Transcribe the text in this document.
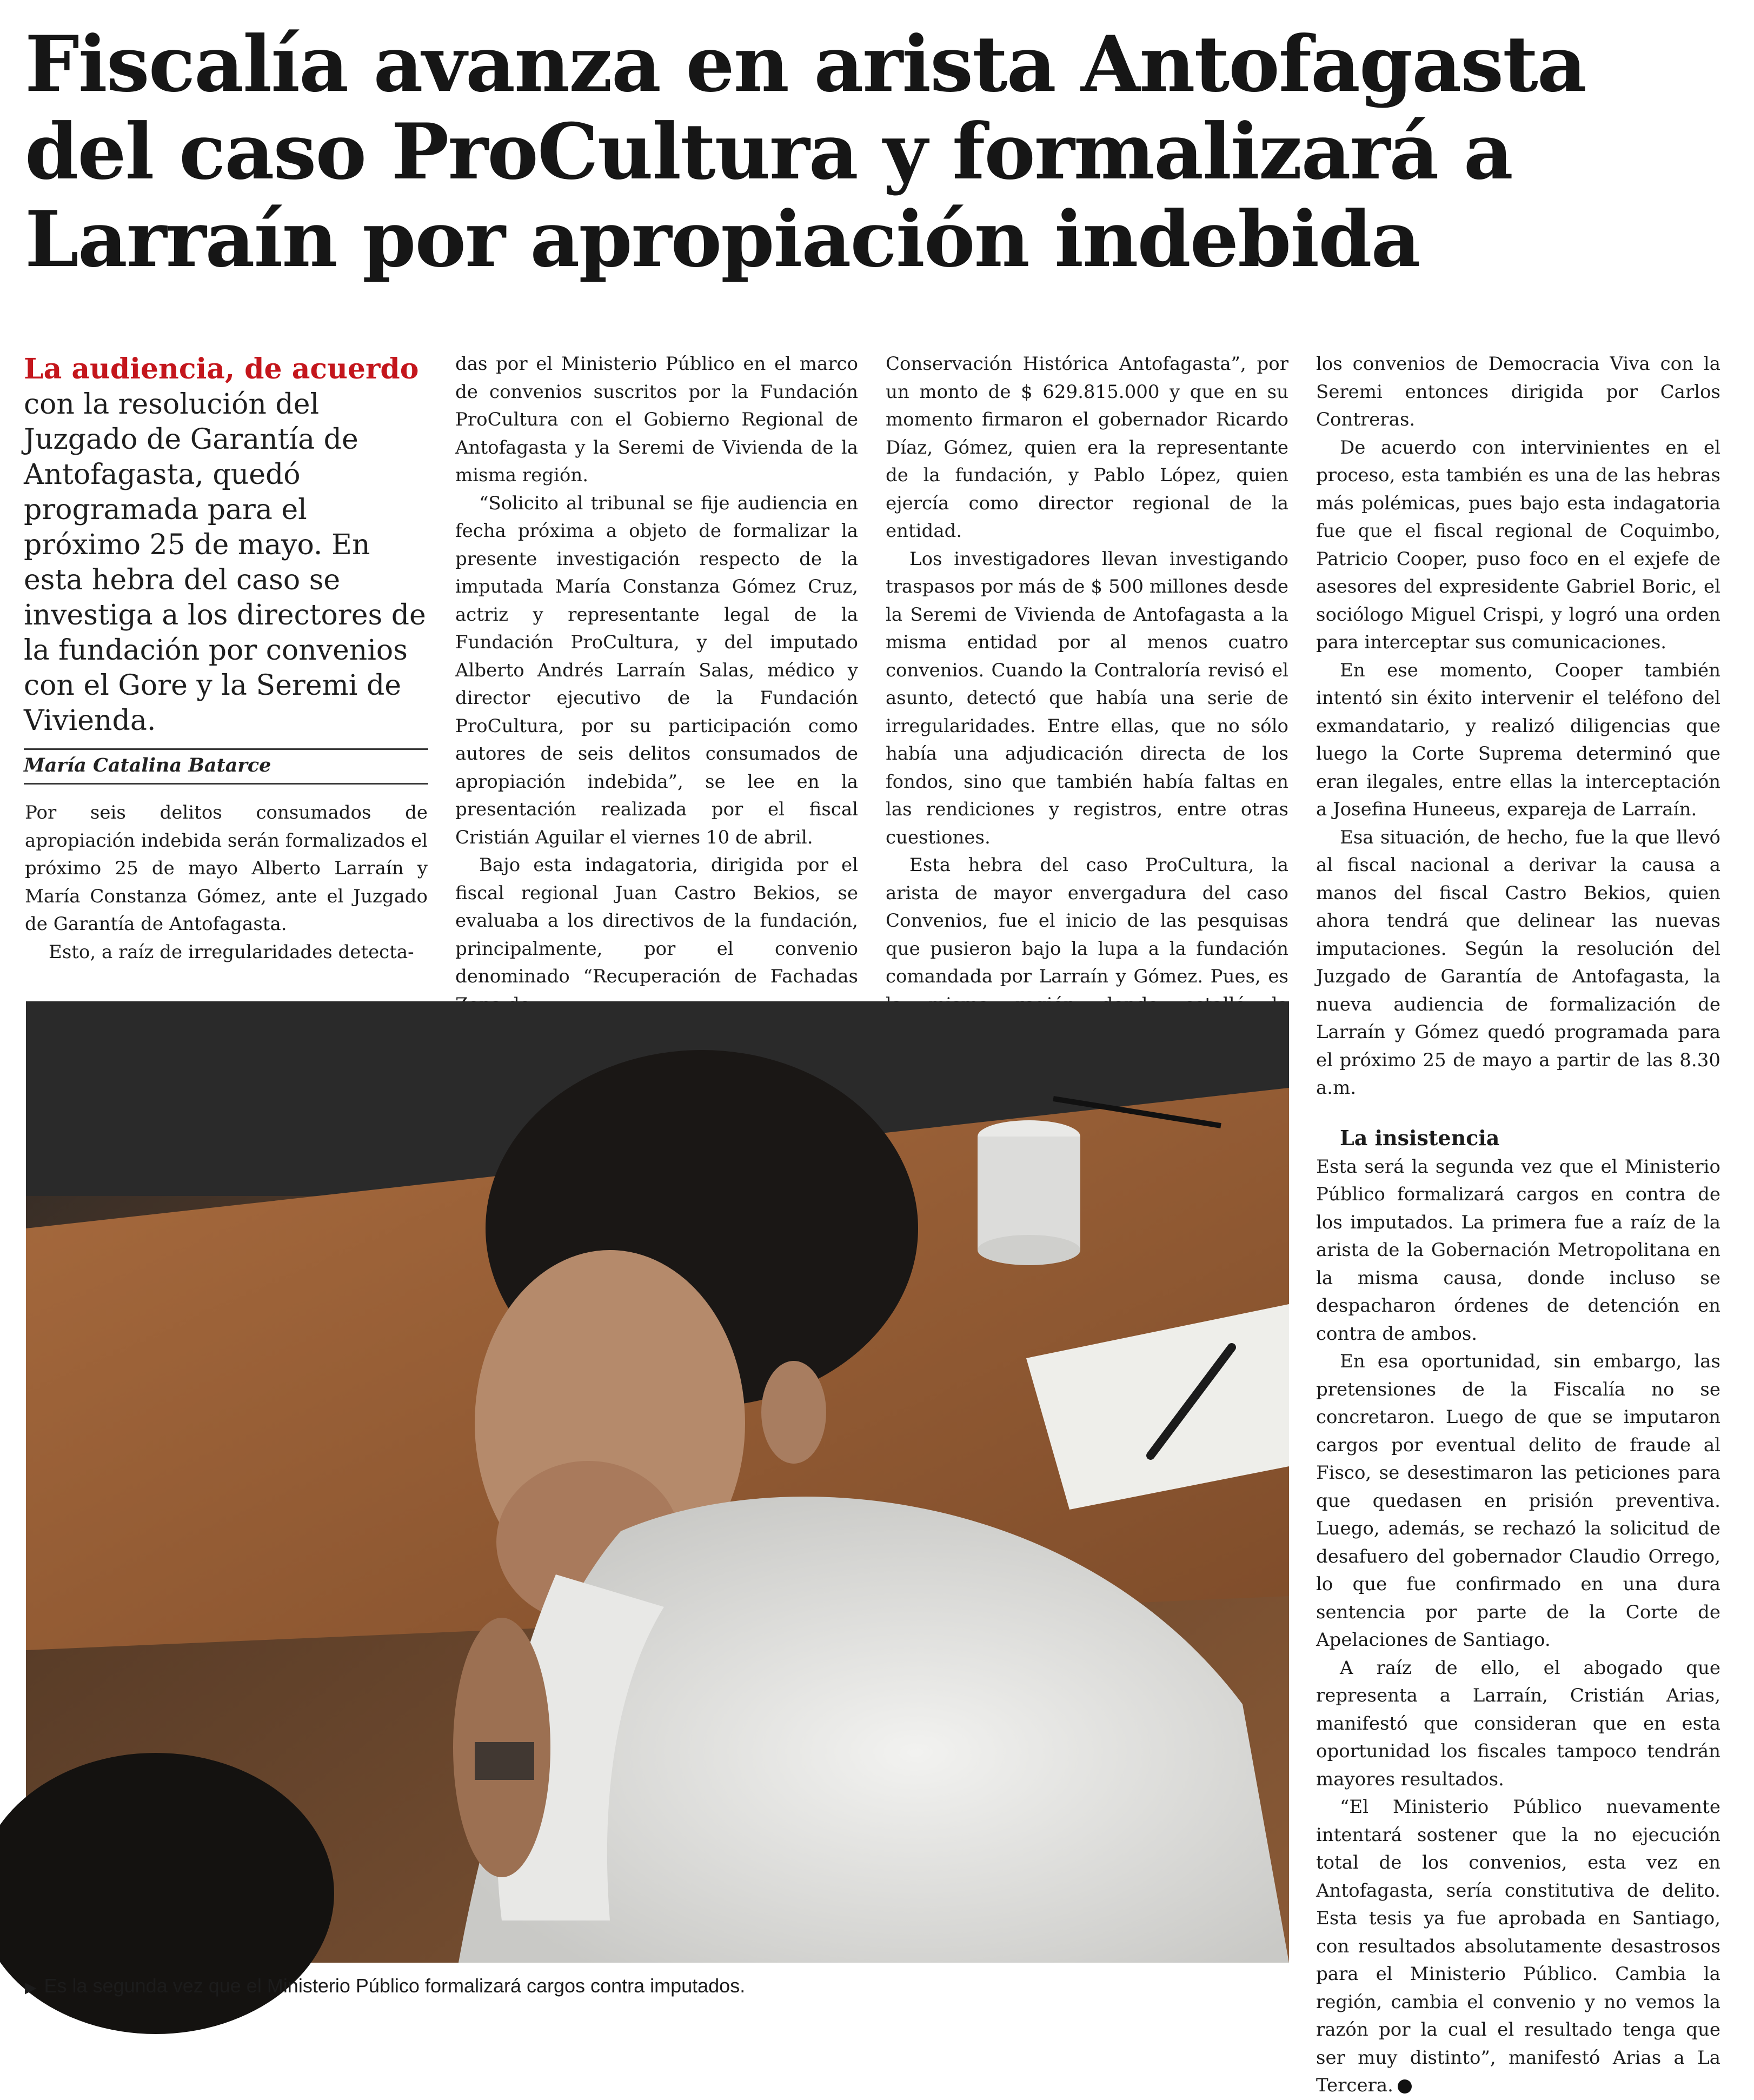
Fiscalía avanza en arista Antofagasta del caso ProCultura y formalizará a Larraín por apropiación indebida
La audiencia, de acuerdo con la resolución del Juzgado de Garantía de Antofagasta, quedó programada para el próximo 25 de mayo. En esta hebra del caso se investiga a los directores de la fundación por convenios con el Gore y la Seremi de Vivienda.
María Catalina Batarce

Por seis delitos consumados de apropiación indebida serán formalizados el próximo 25 de mayo Alberto Larraín y María Constanza Gómez, ante el Juzgado de Garantía de Antofagasta.

Esto, a raíz de irregularidades detecta-

das por el Ministerio Público en el marco de convenios suscritos por la Fundación ProCultura con el Gobierno Regional de Antofagasta y la Seremi de Vivienda de la misma región.

“Solicito al tribunal se fije audiencia en fecha próxima a objeto de formalizar la presente investigación respecto de la imputada María Constanza Gómez Cruz, actriz y representante legal de la Fundación ProCultura, y del imputado Alberto Andrés Larraín Salas, médico y director ejecutivo de la Fundación ProCultura, por su participación como autores de seis delitos consumados de apropiación indebida”, se lee en la presentación realizada por el fiscal Cristián Aguilar el viernes 10 de abril.

Bajo esta indagatoria, dirigida por el fiscal regional Juan Castro Bekios, se evaluaba a los directivos de la fundación, principalmente, por el convenio denominado “Recuperación de Fachadas

Conservación Histórica Antofagasta”, por un monto de $ 629.815.000 y que en su momento firmaron el gobernador Ricardo Díaz, Gómez, quien era la representante de la fundación, y Pablo López, quien ejercía como director regional de la entidad.

Los investigadores llevan investigando traspasos por más de $ 500 millones desde la Seremi de Vivienda de Antofagasta a la misma entidad por al menos cuatro convenios. Cuando la Contraloría revisó el asunto, detectó que había una serie de irregularidades. Entre ellas, que no sólo había una adjudicación directa de los fondos, sino que también había faltas en las rendiciones y registros, entre otras cuestiones.

Esta hebra del caso ProCultura, la arista de mayor envergadura del caso Convenios, fue el inicio de las pesquisas que pusieron bajo la lupa a la fundación comandada por Larraín y Gómez. Pues, es

los convenios de Democracia Viva con la Seremi entonces dirigida por Carlos Contreras.

De acuerdo con intervinientes en el proceso, esta también es una de las hebras más polémicas, pues bajo esta indagatoria fue que el fiscal regional de Coquimbo, Patricio Cooper, puso foco en el exjefe de asesores del expresidente Gabriel Boric, el sociólogo Miguel Crispi, y logró una orden para interceptar sus comunicaciones.

En ese momento, Cooper también intentó sin éxito intervenir el teléfono del exmandatario, y realizó diligencias que luego la Corte Suprema determinó que eran ilegales, entre ellas la interceptación a Josefina Huneeus, expareja de Larraín.

Esa situación, de hecho, fue la que llevó al fiscal nacional a derivar la causa a manos del fiscal Castro Bekios, quien ahora tendrá que delinear las nuevas imputaciones. Según la resolución del Juzgado de Garantía de Antofagasta, la nueva audiencia de formalización de Larraín y Gómez quedó programada para el próximo 25 de mayo a partir de las 8.30 a.m.

La insistencia

Esta será la segunda vez que el Ministerio Público formalizará cargos en contra de los imputados. La primera fue a raíz de la arista de la Gobernación Metropolitana en la misma causa, donde incluso se despacharon órdenes de detención en contra de ambos.

En esa oportunidad, sin embargo, las pretensiones de la Fiscalía no se concretaron. Luego de que se imputaron cargos por eventual delito de fraude al Fisco, se desestimaron las peticiones para que quedasen en prisión preventiva. Luego, además, se rechazó la solicitud de desafuero del gobernador Claudio Orrego, lo que fue confirmado en una dura sentencia por parte de la Corte de Apelaciones de Santiago.

A raíz de ello, el abogado que representa a Larraín, Cristián Arias, manifestó que consideran que en esta oportunidad los fiscales tampoco tendrán mayores resultados.

“El Ministerio Público nuevamente intentará sostener que la no ejecución total de los convenios, esta vez en Antofagasta, sería constitutiva de delito. Esta tesis ya fue aprobada en Santiago, con resultados absolutamente desastrosos para el Ministerio Público. Cambia la región, cambia el convenio y no vemos la razón por la cual el resultado tenga que ser muy distinto”, manifestó Arias a La Tercera.

▶ Es la segunda vez que el Ministerio Público formalizará cargos contra imputados.
